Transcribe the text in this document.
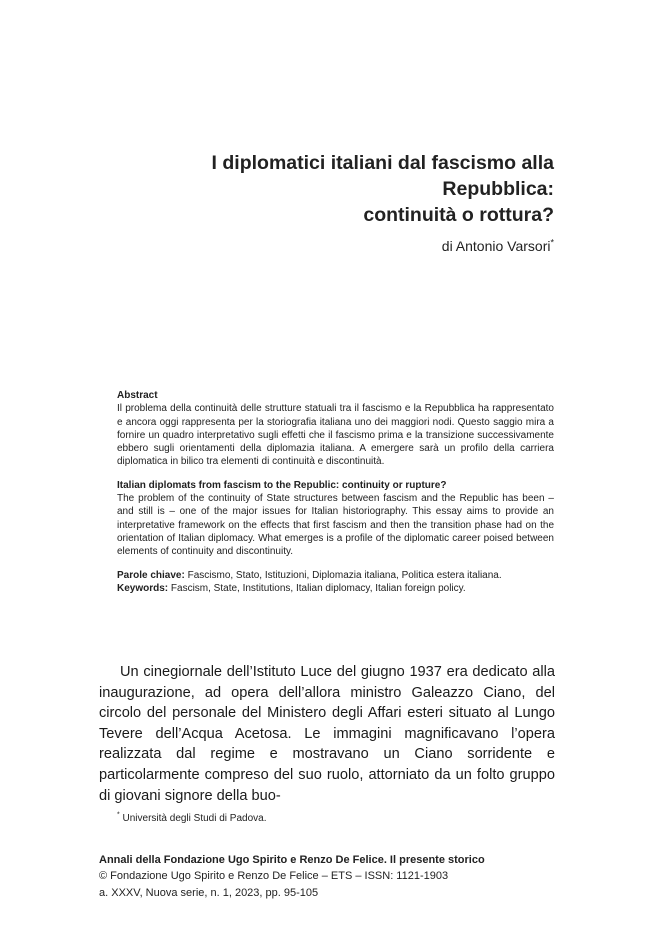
I diplomatici italiani dal fascismo alla Repubblica:
continuità o rottura?
di Antonio Varsori*
Abstract

Il problema della continuità delle strutture statuali tra il fascismo e la Repubblica ha rappresentato e ancora oggi rappresenta per la storiografia italiana uno dei maggiori nodi. Questo saggio mira a fornire un quadro interpretativo sugli effetti che il fascismo prima e la transizione successivamente ebbero sugli orientamenti della diplomazia italiana. A emergere sarà un profilo della carriera diplomatica in bilico tra elementi di continuità e discontinuità.

Italian diplomats from fascism to the Republic: continuity or rupture?

The problem of the continuity of State structures between fascism and the Republic has been – and still is – one of the major issues for Italian historiography. This essay aims to provide an interpretative framework on the effects that first fascism and then the transition phase had on the orientation of Italian diplomacy. What emerges is a profile of the diplomatic career poised between elements of continuity and discontinuity.

Parole chiave: Fascismo, Stato, Istituzioni, Diplomazia italiana, Politica estera italiana.

Keywords: Fascism, State, Institutions, Italian diplomacy, Italian foreign policy.

Un cinegiornale dell’Istituto Luce del giugno 1937 era dedicato alla inaugurazione, ad opera dell’allora ministro Galeazzo Ciano, del circolo del personale del Ministero degli Affari esteri situato al Lungo Tevere dell’Acqua Acetosa. Le immagini magnificavano l’opera realizzata dal regime e mostravano un Ciano sorridente e particolarmente compreso del suo ruolo, attorniato da un folto gruppo di giovani signore della buo-

* Università degli Studi di Padova.
Annali della Fondazione Ugo Spirito e Renzo De Felice. Il presente storico
© Fondazione Ugo Spirito e Renzo De Felice – ETS – ISSN: 1121-1903
a. XXXV, Nuova serie, n. 1, 2023, pp. 95-105
